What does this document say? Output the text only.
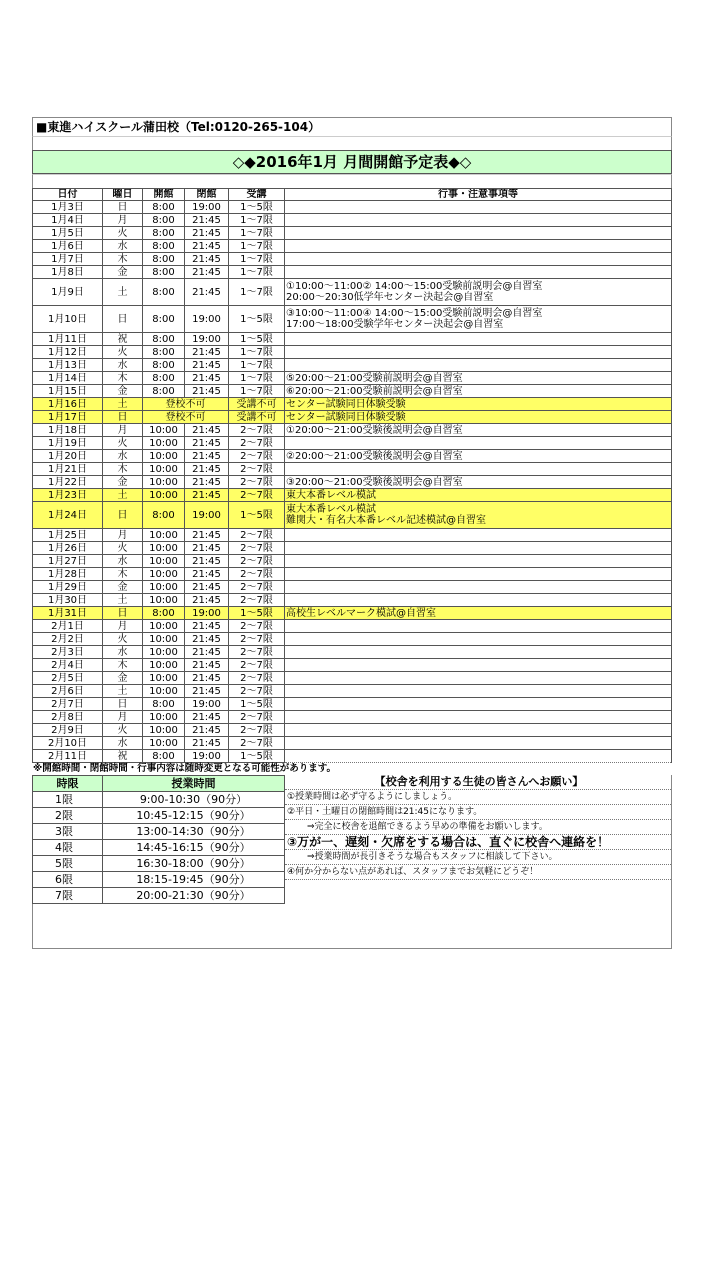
■東進ハイスクール蒲田校（Tel:0120-265-104）
◇◆2016年1月 月間開館予定表◆◇
日付	曜日	開館	閉館	受講	行事・注意事項等
1月3日	日	8:00	19:00	1～5限	
1月4日	月	8:00	21:45	1～7限	
1月5日	火	8:00	21:45	1～7限	
1月6日	水	8:00	21:45	1～7限	
1月7日	木	8:00	21:45	1～7限	
1月8日	金	8:00	21:45	1～7限	
1月9日	土	8:00	21:45	1～7限	①10:00～11:00② 14:00～15:00受験前説明会@自習室
20:00～20:30低学年センター決起会@自習室
1月10日	日	8:00	19:00	1～5限	③10:00～11:00④ 14:00～15:00受験前説明会@自習室
17:00～18:00受験学年センター決起会@自習室
1月11日	祝	8:00	19:00	1～5限	
1月12日	火	8:00	21:45	1～7限	
1月13日	水	8:00	21:45	1～7限	
1月14日	木	8:00	21:45	1～7限	⑤20:00～21:00受験前説明会@自習室
1月15日	金	8:00	21:45	1～7限	⑥20:00～21:00受験前説明会@自習室
1月16日	土	登校不可		受講不可	センター試験同日体験受験
1月17日	日	登校不可		受講不可	センター試験同日体験受験
1月18日	月	10:00	21:45	2～7限	①20:00～21:00受験後説明会@自習室
1月19日	火	10:00	21:45	2～7限	
1月20日	水	10:00	21:45	2～7限	②20:00～21:00受験後説明会@自習室
1月21日	木	10:00	21:45	2～7限	
1月22日	金	10:00	21:45	2～7限	③20:00～21:00受験後説明会@自習室
1月23日	土	10:00	21:45	2～7限	東大本番レベル模試
1月24日	日	8:00	19:00	1～5限	東大本番レベル模試
難関大・有名大本番レベル記述模試@自習室
1月25日	月	10:00	21:45	2～7限	
1月26日	火	10:00	21:45	2～7限	
1月27日	水	10:00	21:45	2～7限	
1月28日	木	10:00	21:45	2～7限	
1月29日	金	10:00	21:45	2～7限	
1月30日	土	10:00	21:45	2～7限	
1月31日	日	8:00	19:00	1～5限	高校生レベルマーク模試@自習室
2月1日	月	10:00	21:45	2～7限	
2月2日	火	10:00	21:45	2～7限	
2月3日	水	10:00	21:45	2～7限	
2月4日	木	10:00	21:45	2～7限	
2月5日	金	10:00	21:45	2～7限	
2月6日	土	10:00	21:45	2～7限	
2月7日	日	8:00	19:00	1～5限	
2月8日	月	10:00	21:45	2～7限	
2月9日	火	10:00	21:45	2～7限	
2月10日	水	10:00	21:45	2～7限	
2月11日	祝	8:00	19:00	1～5限	
※開館時間・閉館時間・行事内容は随時変更となる可能性があります。
時限	授業時間
1限	9:00-10:30（90分）
2限	10:45-12:15（90分）
3限	13:00-14:30（90分）
4限	14:45-16:15（90分）
5限	16:30-18:00（90分）
6限	18:15-19:45（90分）
7限	20:00-21:30（90分）
【校舎を利用する生徒の皆さんへお願い】
①授業時間は必ず守るようにしましょう。
②平日・土曜日の閉館時間は21:45になります。
⇒完全に校舎を退館できるよう早めの準備をお願いします。
③万が一、遅刻・欠席をする場合は、直ぐに校舎へ連絡を！
⇒授業時間が長引きそうな場合もスタッフに相談して下さい。
④何か分からない点があれば、スタッフまでお気軽にどうぞ！
